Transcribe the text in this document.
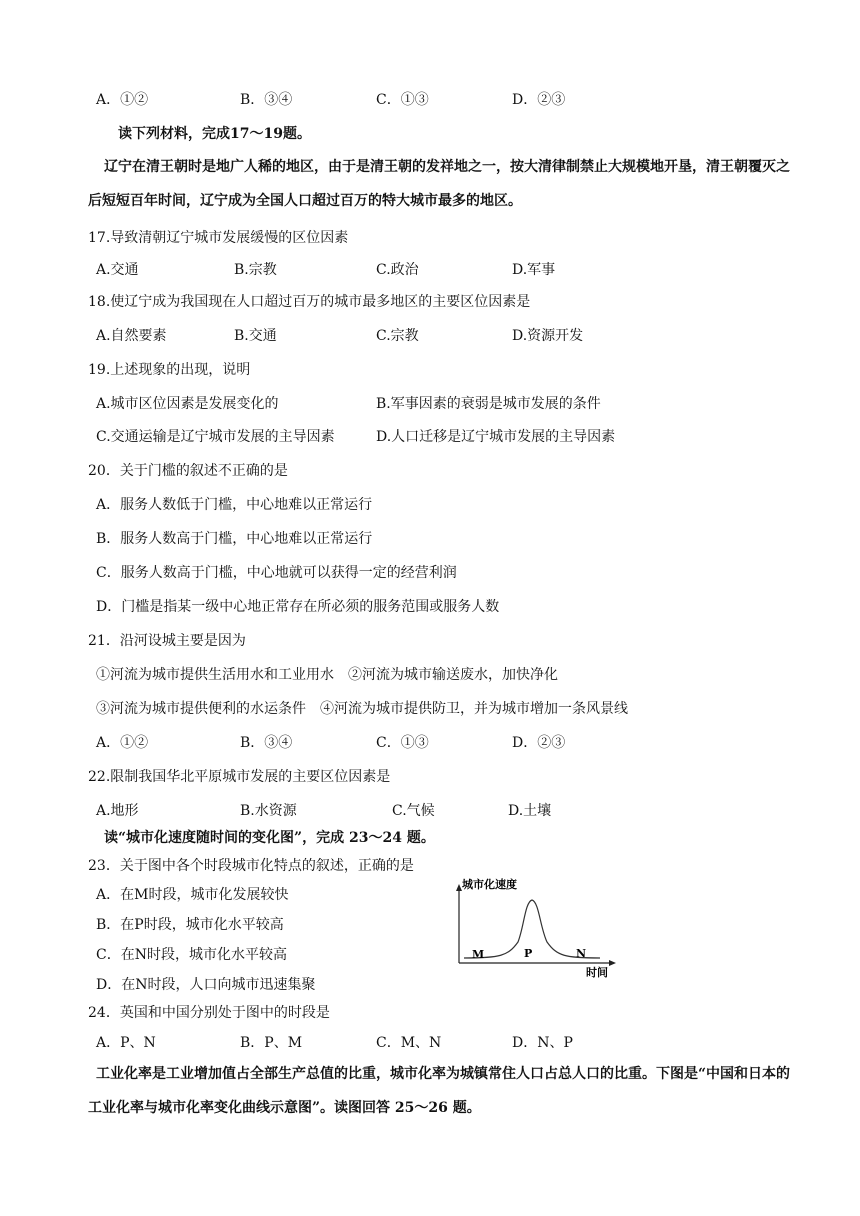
A．①②	B．③④	C．①③	D．②③
读下列材料，完成17～19题。
辽宁在清王朝时是地广人稀的地区，由于是清王朝的发祥地之一，按大清律制禁止大规模地开垦，清王朝覆灭之后短短百年时间，辽宁成为全国人口超过百万的特大城市最多的地区。
17.导致清朝辽宁城市发展缓慢的区位因素
A.交通	B.宗教	C.政治	D.军事
18.使辽宁成为我国现在人口超过百万的城市最多地区的主要区位因素是
A.自然要素	B.交通	C.宗教	D.资源开发
19.上述现象的出现，说明
A.城市区位因素是发展变化的	B.军事因素的衰弱是城市发展的条件
C.交通运输是辽宁城市发展的主导因素	D.人口迁移是辽宁城市发展的主导因素
20．关于门槛的叙述不正确的是
A．服务人数低于门槛，中心地难以正常运行
B．服务人数高于门槛，中心地难以正常运行
C．服务人数高于门槛，中心地就可以获得一定的经营利润
D．门槛是指某一级中心地正常存在所必须的服务范围或服务人数
21．沿河设城主要是因为
①河流为城市提供生活用水和工业用水　②河流为城市输送废水，加快净化
③河流为城市提供便利的水运条件　④河流为城市提供防卫，并为城市增加一条风景线
A．①②	B．③④	C．①③	D．②③
22.限制我国华北平原城市发展的主要区位因素是
A.地形	B.水资源	C.气候	D.土壤
读“城市化速度随时间的变化图”，完成 23～24 题。
23．关于图中各个时段城市化特点的叙述，正确的是
A．在M时段，城市化发展较快
B．在P时段，城市化水平较高
C．在N时段，城市化水平较高
D．在N时段，人口向城市迅速集聚
城市化速度
M	P	N
时间
24．英国和中国分别处于图中的时段是
A．P、N	B．P、M	C．M、N	D．N、P
工业化率是工业增加值占全部生产总值的比重，城市化率为城镇常住人口占总人口的比重。下图是“中国和日本的工业化率与城市化率变化曲线示意图”。读图回答 25～26 题。
